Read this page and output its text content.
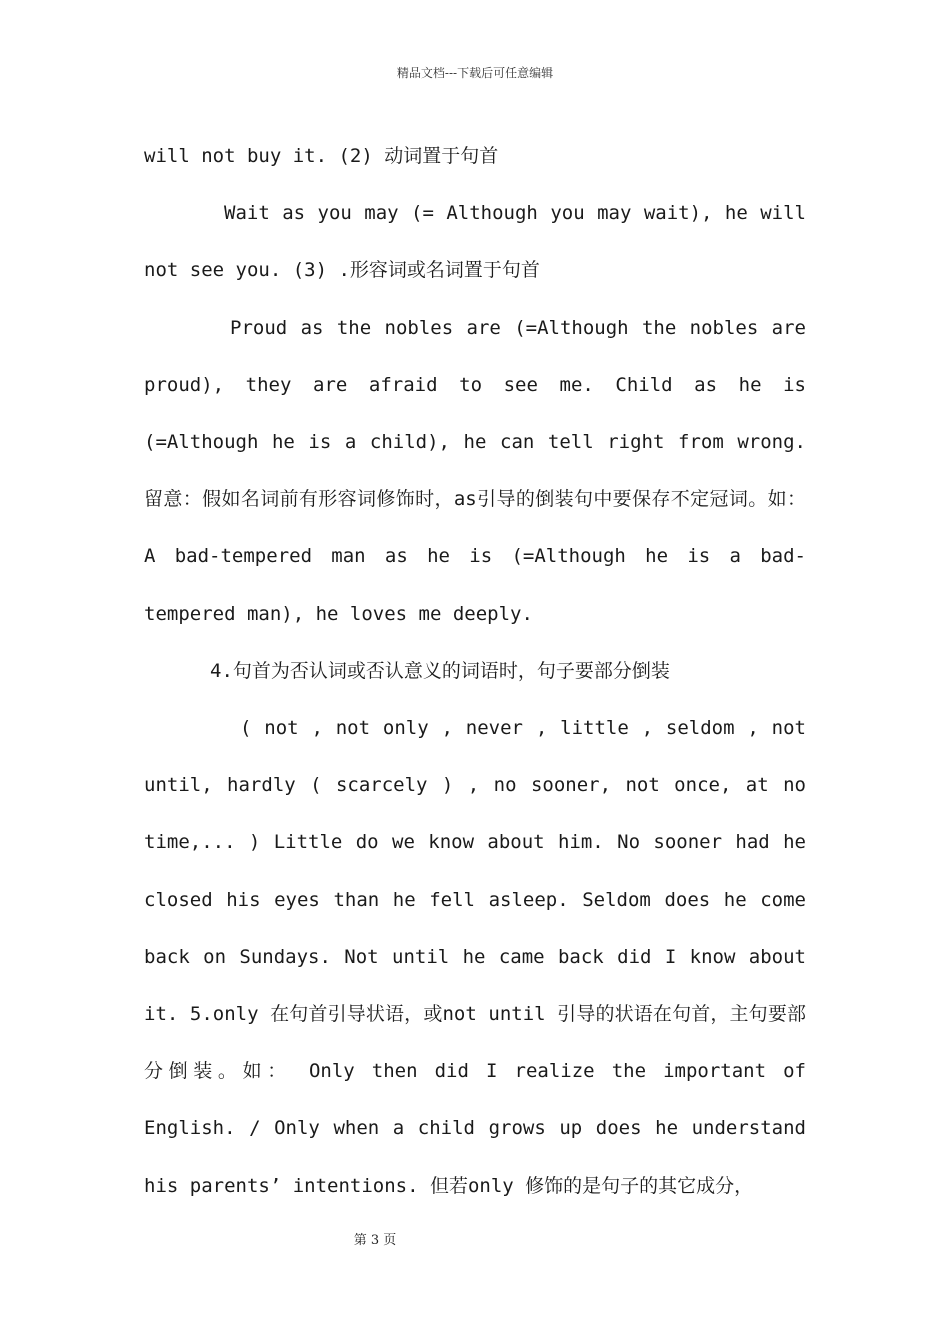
精品文档---下载后可任意编辑

will not buy it. (2) 动词置于句首

Wait as you may (= Although you may wait), he will not see you. (3) .形容词或名词置于句首

Proud as the nobles are (=Although the nobles are proud), they are afraid to see me. Child as he is (=Although he is a child), he can tell right from wrong. 留意：假如名词前有形容词修饰时，as引导的倒装句中要保存不定冠词。如： A bad-tempered man as he is (=Although he is a bad-tempered man), he loves me deeply.

4.句首为否认词或否认意义的词语时，句子要部分倒装

( not , not only , never , little , seldom , not until, hardly ( scarcely ) , no sooner, not once, at no time,... ) Little do we know about him. No sooner had he closed his eyes than he fell asleep. Seldom does he come back on Sundays. Not until he came back did I know about it. 5.only 在句首引导状语，或not until 引导的状语在句首，主句要部分倒装。如： Only then did I realize the important of English. / Only when a child grows up does he understand his parents’ intentions. 但若only 修饰的是句子的其它成分，

第 3 页
